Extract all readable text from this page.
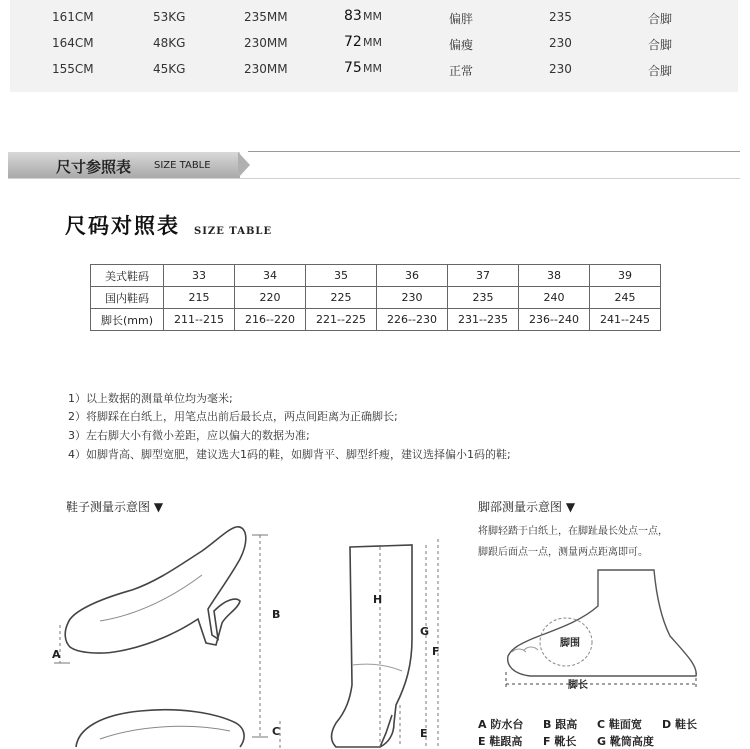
161CM	53KG	235MM	83 MM	偏胖	235	合脚
164CM	48KG	230MM	72 MM	偏瘦	230	合脚
155CM	45KG	230MM	75 MM	正常	230	合脚
尺寸参照表 SIZE TABLE
尺码对照表 SIZE TABLE
美式鞋码	33	34	35	36	37	38	39
国内鞋码	215	220	225	230	235	240	245
脚长(mm)	211--215	216--220	221--225	226--230	231--235	236--240	241--245
1）以上数据的测量单位均为毫米;
2）将脚踩在白纸上，用笔点出前后最长点，两点间距离为正确脚长;
3）左右脚大小有微小差距，应以偏大的数据为准;
4）如脚背高、脚型宽肥，建议选大1码的鞋，如脚背平、脚型纤瘦，建议选择偏小1码的鞋;
鞋子测量示意图 ▼
A
B
C
H
G
F
E
脚部测量示意图 ▼
将脚轻踏于白纸上，在脚趾最长处点一点，
脚跟后面点一点，测量两点距离即可。
脚围
脚长
A 防水台 B 跟高 C 鞋面宽 D 鞋长
E 鞋跟高 F 靴长 G 靴筒高度
